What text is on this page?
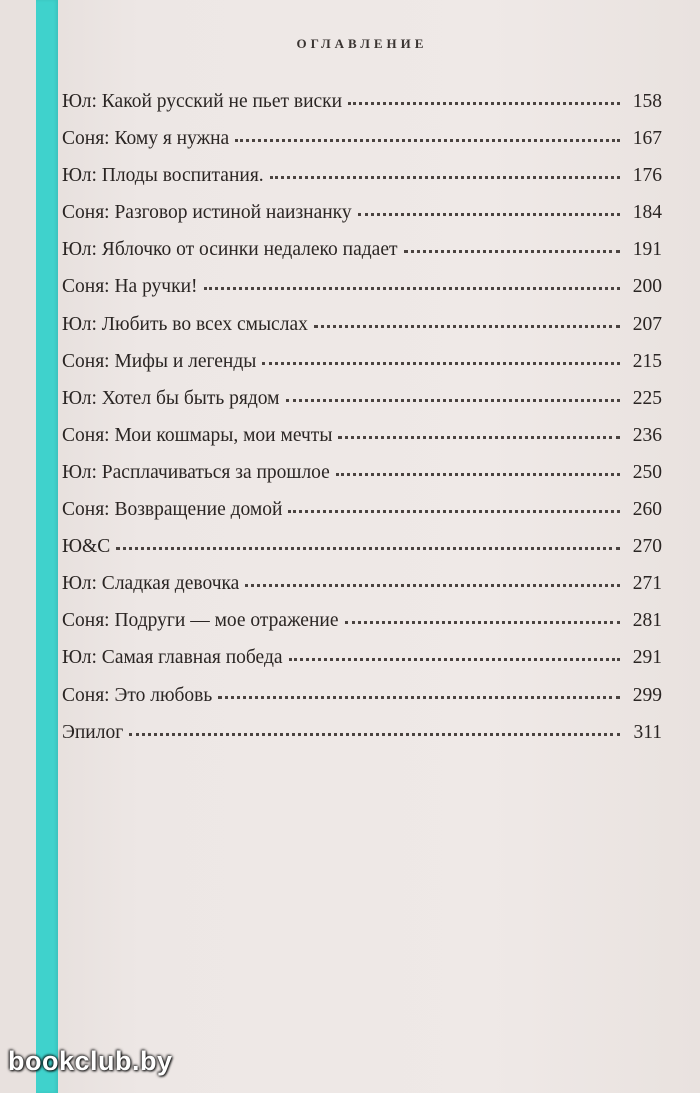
ОГЛАВЛЕНИЕ
Юл: Какой русский не пьет виски	158
Соня: Кому я нужна	167
Юл: Плоды воспитания.	176
Соня: Разговор истиной наизнанку	184
Юл: Яблочко от осинки недалеко падает	191
Соня: На ручки!	200
Юл: Любить во всех смыслах	207
Соня: Мифы и легенды	215
Юл: Хотел бы быть рядом	225
Соня: Мои кошмары, мои мечты	236
Юл: Расплачиваться за прошлое	250
Соня: Возвращение домой	260
Ю&С	270
Юл: Сладкая девочка	271
Соня: Подруги — мое отражение	281
Юл: Самая главная победа	291
Соня: Это любовь	299
Эпилог	311
bookclub.by
